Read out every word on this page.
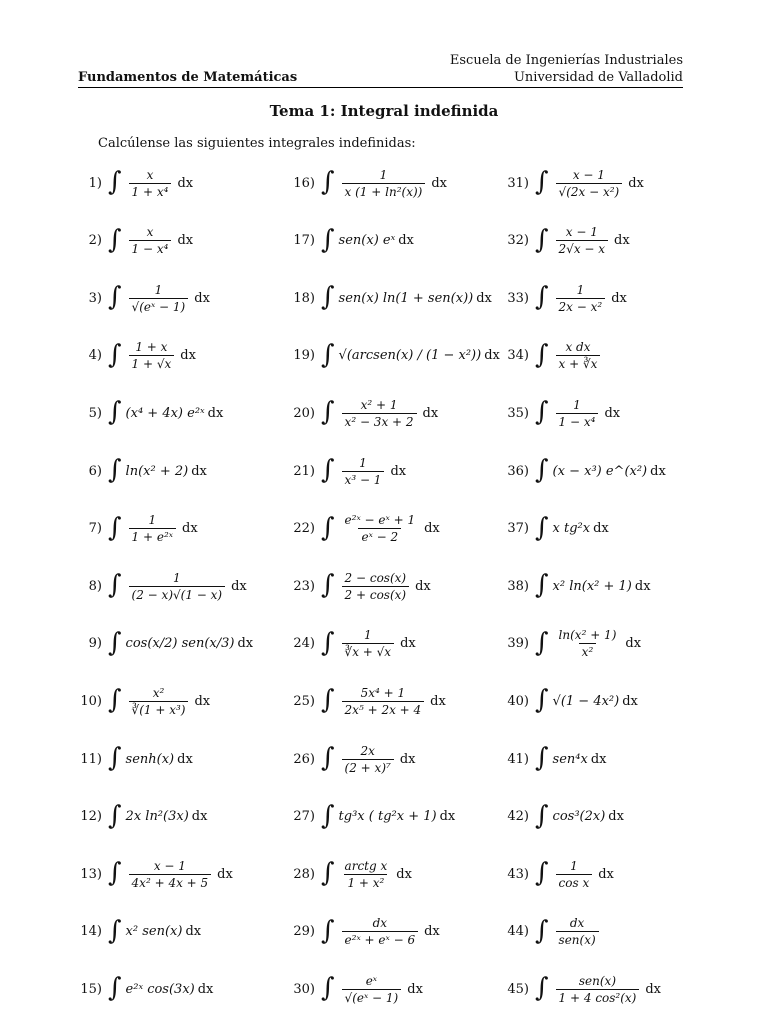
Escuela de Ingenierías Industriales
Universidad de Valladolid
Fundamentos de Matemáticas
Tema 1: Integral indefinida
Calcúlense las siguientes integrales indefinidas:
1) ∫ $\frac{x}{\text{1 + x⁴}}$ dx
2) ∫ $\frac{x}{\text{1 − x⁴}}$ dx
3) ∫ $\frac{1}{\text{√(eˣ − 1)}}$ dx
4) ∫ $\frac{1 + x}{1 + √x}$ dx
5) ∫ (x⁴ + 4x) e²ˣ dx
6) ∫ ln(x² + 2) dx
7) ∫ $\frac{1}{\text{1 + e²ˣ}}$ dx
8) ∫ $\frac{1}{(2 - x)√(1 - x)}$ dx
9) ∫ cos(x/2) sen(x/3) dx
10) ∫ $\frac{\text{x²}}{\text{∛(1 + x³)}}$ dx
11) ∫ senh(x) dx
12) ∫ 2x ln²(3x) dx
13) ∫ $\frac{x - 1}{\text{4x² + 4x + 5}}$ dx
14) ∫ x² sen(x) dx
15) ∫ e²ˣ cos(3x) dx
16) ∫ $\frac{1}{\text{x (1 + ln²(x))}}$ dx
17) ∫ sen(x) eˣ dx
18) ∫ sen(x) ln(1 + sen(x)) dx
19) ∫ √(arcsen(x) / (1 − x²)) dx
20) ∫ $\frac{\text{x² + 1}}{\text{x² − 3x + 2}}$ dx
21) ∫ $\frac{1}{\text{x³ − 1}}$ dx
22) ∫ $\frac{\text{e²ˣ − eˣ + 1}}{\text{eˣ − 2}}$ dx
23) ∫ $\frac{2 - \cos(x)}{2 + \cos(x)}$ dx
24) ∫ $\frac{1}{∛x + √x}$ dx
25) ∫ $\frac{\text{5x⁴ + 1}}{\text{2x⁵ + 2x + 4}}$ dx
26) ∫ $\frac{2x}{\text{(2 + x)⁷}}$ dx
27) ∫ tg³x ( tg²x + 1) dx
28) ∫ $\frac{\text{arctg x}}{\text{1 + x²}}$ dx
29) ∫ $\frac{dx}{\text{e²ˣ + eˣ − 6}}$ dx
30) ∫ $\frac{\text{eˣ}}{\text{√(eˣ − 1)}}$ dx
31) ∫ $\frac{x - 1}{\text{√(2x − x²)}}$ dx
32) ∫ $\frac{x - 1}{2√x - x}$ dx
33) ∫ $\frac{1}{\text{2x − x²}}$ dx
34) ∫ $\frac{\text{x dx}}{x + ∛x}$
35) ∫ $\frac{1}{\text{1 − x⁴}}$ dx
36) ∫ (x − x³) e^(x²) dx
37) ∫ x tg²x dx
38) ∫ x² ln(x² + 1) dx
39) ∫ $\frac{\text{ln(x² + 1)}}{\text{x²}}$ dx
40) ∫ √(1 − 4x²) dx
41) ∫ sen⁴x dx
42) ∫ cos³(2x) dx
43) ∫ $\frac{1}{\text{cos x}}$ dx
44) ∫ $\frac{dx}{\text{sen(x)}}$
45) ∫ $\frac{\text{sen(x)}}{\text{1 + 4 cos²(x)}}$ dx
